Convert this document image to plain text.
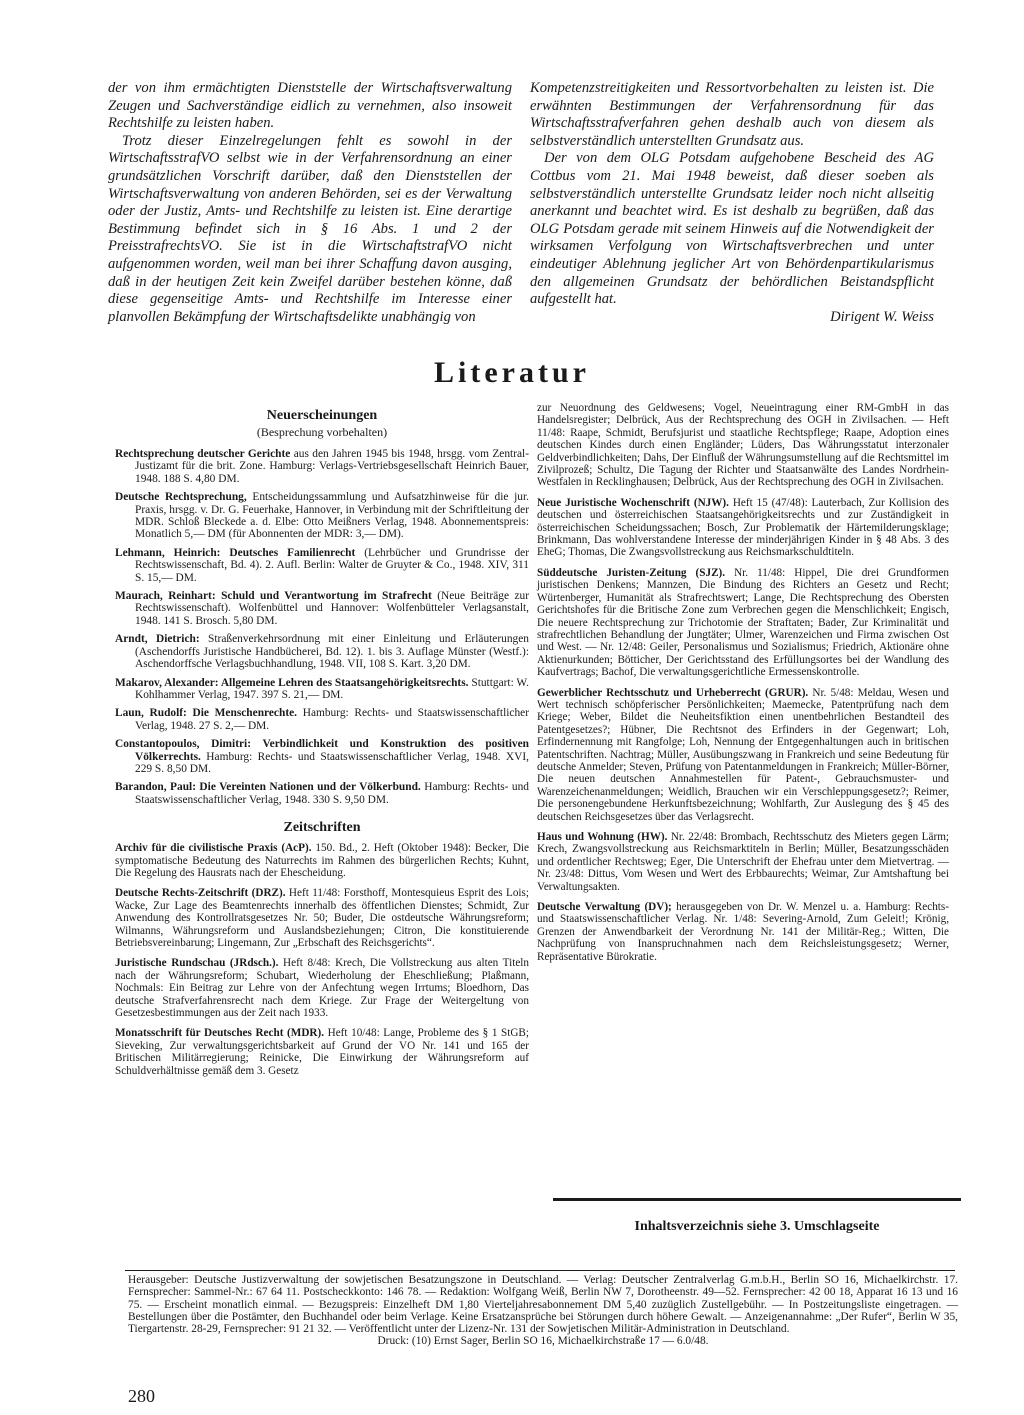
der von ihm ermächtigten Dienststelle der Wirtschaftsverwaltung Zeugen und Sachverständige eidlich zu vernehmen, also insoweit Rechtshilfe zu leisten haben.

Trotz dieser Einzelregelungen fehlt es sowohl in der WirtschaftsstrafVO selbst wie in der Verfahrensordnung an einer grundsätzlichen Vorschrift darüber, daß den Dienststellen der Wirtschaftsverwaltung von anderen Behörden, sei es der Verwaltung oder der Justiz, Amts- und Rechtshilfe zu leisten ist. Eine derartige Bestimmung befindet sich in § 16 Abs. 1 und 2 der PreisstrafrechtsVO. Sie ist in die WirtschaftstrafVO nicht aufgenommen worden, weil man bei ihrer Schaffung davon ausging, daß in der heutigen Zeit kein Zweifel darüber bestehen könne, daß diese gegenseitige Amts- und Rechtshilfe im Interesse einer planvollen Bekämpfung der Wirtschaftsdelikte unabhängig von

Kompetenzstreitigkeiten und Ressortvorbehalten zu leisten ist. Die erwähnten Bestimmungen der Verfahrensordnung für das Wirtschaftsstrafverfahren gehen deshalb auch von diesem als selbstverständlich unterstellten Grundsatz aus.

Der von dem OLG Potsdam aufgehobene Bescheid des AG Cottbus vom 21. Mai 1948 beweist, daß dieser soeben als selbstverständlich unterstellte Grundsatz leider noch nicht allseitig anerkannt und beachtet wird. Es ist deshalb zu begrüßen, daß das OLG Potsdam gerade mit seinem Hinweis auf die Notwendigkeit der wirksamen Verfolgung von Wirtschaftsverbrechen und unter eindeutiger Ablehnung jeglicher Art von Behördenpartikularismus den allgemeinen Grundsatz der behördlichen Beistandspflicht aufgestellt hat.

Dirigent W. Weiss

Literatur

Neuerscheinungen

(Besprechung vorbehalten)

Rechtsprechung deutscher Gerichte aus den Jahren 1945 bis 1948, hrsgg. vom Zentral-Justizamt für die brit. Zone. Hamburg: Verlags-Vertriebsgesellschaft Heinrich Bauer, 1948. 188 S. 4,80 DM.

Deutsche Rechtsprechung, Entscheidungssammlung und Aufsatzhinweise für die jur. Praxis, hrsgg. v. Dr. G. Feuerhake, Hannover, in Verbindung mit der Schriftleitung der MDR. Schloß Bleckede a. d. Elbe: Otto Meißners Verlag, 1948. Abonnementspreis: Monatlich 5,— DM (für Abonnenten der MDR: 3,— DM).

Lehmann, Heinrich: Deutsches Familienrecht (Lehrbücher und Grundrisse der Rechtswissenschaft, Bd. 4). 2. Aufl. Berlin: Walter de Gruyter & Co., 1948. XIV, 311 S. 15,— DM.

Maurach, Reinhart: Schuld und Verantwortung im Strafrecht (Neue Beiträge zur Rechtswissenschaft). Wolfenbüttel und Hannover: Wolfenbütteler Verlagsanstalt, 1948. 141 S. Brosch. 5,80 DM.

Arndt, Dietrich: Straßenverkehrsordnung mit einer Einleitung und Erläuterungen (Aschendorffs Juristische Handbücherei, Bd. 12). 1. bis 3. Auflage Münster (Westf.): Aschendorffsche Verlagsbuchhandlung, 1948. VII, 108 S. Kart. 3,20 DM.

Makarov, Alexander: Allgemeine Lehren des Staatsangehörigkeitsrechts. Stuttgart: W. Kohlhammer Verlag, 1947. 397 S. 21,— DM.

Laun, Rudolf: Die Menschenrechte. Hamburg: Rechts- und Staatswissenschaftlicher Verlag, 1948. 27 S. 2,— DM.

Constantopoulos, Dimitri: Verbindlichkeit und Konstruktion des positiven Völkerrechts. Hamburg: Rechts- und Staatswissenschaftlicher Verlag, 1948. XVI, 229 S. 8,50 DM.

Barandon, Paul: Die Vereinten Nationen und der Völkerbund. Hamburg: Rechts- und Staatswissenschaftlicher Verlag, 1948. 330 S. 9,50 DM.

Zeitschriften

Archiv für die civilistische Praxis (AcP). 150. Bd., 2. Heft (Oktober 1948): Becker, Die symptomatische Bedeutung des Naturrechts im Rahmen des bürgerlichen Rechts; Kuhnt, Die Regelung des Hausrats nach der Ehescheidung.

Deutsche Rechts-Zeitschrift (DRZ). Heft 11/48: Forsthoff, Montesquieus Esprit des Lois; Wacke, Zur Lage des Beamtenrechts innerhalb des öffentlichen Dienstes; Schmidt, Zur Anwendung des Kontrollratsgesetzes Nr. 50; Buder, Die ostdeutsche Währungsreform; Wilmanns, Währungsreform und Auslandsbeziehungen; Citron, Die konstituierende Betriebsvereinbarung; Lingemann, Zur „Erbschaft des Reichsgerichts“.

Juristische Rundschau (JRdsch.). Heft 8/48: Krech, Die Vollstreckung aus alten Titeln nach der Währungsreform; Schubart, Wiederholung der Eheschließung; Plaßmann, Nochmals: Ein Beitrag zur Lehre von der Anfechtung wegen Irrtums; Bloedhorn, Das deutsche Strafverfahrensrecht nach dem Kriege. Zur Frage der Weitergeltung von Gesetzesbestimmungen aus der Zeit nach 1933.

Monatsschrift für Deutsches Recht (MDR). Heft 10/48: Lange, Probleme des § 1 StGB; Sieveking, Zur verwaltungsgerichtsbarkeit auf Grund der VO Nr. 141 und 165 der Britischen Militärregierung; Reinicke, Die Einwirkung der Währungsreform auf Schuldverhältnisse gemäß dem 3. Gesetz

zur Neuordnung des Geldwesens; Vogel, Neueintragung einer RM-GmbH in das Handelsregister; Delbrück, Aus der Rechtsprechung des OGH in Zivilsachen. — Heft 11/48: Raape, Schmidt, Berufsjurist und staatliche Rechtspflege; Raape, Adoption eines deutschen Kindes durch einen Engländer; Lüders, Das Währungsstatut interzonaler Geldverbindlichkeiten; Dahs, Der Einfluß der Währungsumstellung auf die Rechtsmittel im Zivilprozeß; Schultz, Die Tagung der Richter und Staatsanwälte des Landes Nordrhein-Westfalen in Recklinghausen; Delbrück, Aus der Rechtsprechung des OGH in Zivilsachen.

Neue Juristische Wochenschrift (NJW). Heft 15 (47/48): Lauterbach, Zur Kollision des deutschen und österreichischen Staatsangehörigkeitsrechts und zur Zuständigkeit in österreichischen Scheidungssachen; Bosch, Zur Problematik der Härtemilderungsklage; Brinkmann, Das wohlverstandene Interesse der minderjährigen Kinder in § 48 Abs. 3 des EheG; Thomas, Die Zwangsvollstreckung aus Reichsmarkschuldtiteln.

Süddeutsche Juristen-Zeitung (SJZ). Nr. 11/48: Hippel, Die drei Grundformen juristischen Denkens; Mannzen, Die Bindung des Richters an Gesetz und Recht; Würtenberger, Humanität als Strafrechtswert; Lange, Die Rechtsprechung des Obersten Gerichtshofes für die Britische Zone zum Verbrechen gegen die Menschlichkeit; Engisch, Die neuere Rechtsprechung zur Trichotomie der Straftaten; Bader, Zur Kriminalität und strafrechtlichen Behandlung der Jungtäter; Ulmer, Warenzeichen und Firma zwischen Ost und West. — Nr. 12/48: Geiler, Personalismus und Sozialismus; Friedrich, Aktionäre ohne Aktienurkunden; Bötticher, Der Gerichtsstand des Erfüllungsortes bei der Wandlung des Kaufvertrags; Bachof, Die verwaltungsgerichtliche Ermessenskontrolle.

Gewerblicher Rechtsschutz und Urheberrecht (GRUR). Nr. 5/48: Meldau, Wesen und Wert technisch schöpferischer Persönlichkeiten; Maemecke, Patentprüfung nach dem Kriege; Weber, Bildet die Neuheitsfiktion einen unentbehrlichen Bestandteil des Patentgesetzes?; Hübner, Die Rechtsnot des Erfinders in der Gegenwart; Loh, Erfindernennung mit Rangfolge; Loh, Nennung der Entgegenhaltungen auch in britischen Patentschriften. Nachtrag; Müller, Ausübungszwang in Frankreich und seine Bedeutung für deutsche Anmelder; Steven, Prüfung von Patentanmeldungen in Frankreich; Müller-Börner, Die neuen deutschen Annahmestellen für Patent-, Gebrauchsmuster- und Warenzeichenanmeldungen; Weidlich, Brauchen wir ein Verschleppungsgesetz?; Reimer, Die personengebundene Herkunftsbezeichnung; Wohlfarth, Zur Auslegung des § 45 des deutschen Reichsgesetzes über das Verlagsrecht.

Haus und Wohnung (HW). Nr. 22/48: Brombach, Rechtsschutz des Mieters gegen Lärm; Krech, Zwangsvollstreckung aus Reichsmarktiteln in Berlin; Müller, Besatzungsschäden und ordentlicher Rechtsweg; Eger, Die Unterschrift der Ehefrau unter dem Mietvertrag. — Nr. 23/48: Dittus, Vom Wesen und Wert des Erbbaurechts; Weimar, Zur Amtshaftung bei Verwaltungsakten.

Deutsche Verwaltung (DV); herausgegeben von Dr. W. Menzel u. a. Hamburg: Rechts- und Staatswissenschaftlicher Verlag. Nr. 1/48: Severing-Arnold, Zum Geleit!; Krönig, Grenzen der Anwendbarkeit der Verordnung Nr. 141 der Militär-Reg.; Witten, Die Nachprüfung von Inanspruchnahmen nach dem Reichsleistungsgesetz; Werner, Repräsentative Bürokratie.

Inhaltsverzeichnis siehe 3. Umschlagseite

Herausgeber: Deutsche Justizverwaltung der sowjetischen Besatzungszone in Deutschland. — Verlag: Deutscher Zentralverlag G.m.b.H., Berlin SO 16, Michaelkirchstr. 17. Fernsprecher: Sammel-Nr.: 67 64 11. Postscheckkonto: 146 78. — Redaktion: Wolfgang Weiß, Berlin NW 7, Dorotheenstr. 49—52. Fernsprecher: 42 00 18, Apparat 16 13 und 16 75. — Erscheint monatlich einmal. — Bezugspreis: Einzelheft DM 1,80 Vierteljahresabonnement DM 5,40 zuzüglich Zustellgebühr. — In Postzeitungsliste eingetragen. — Bestellungen über die Postämter, den Buchhandel oder beim Verlage. Keine Ersatzansprüche bei Störungen durch höhere Gewalt. — Anzeigenannahme: „Der Rufer“, Berlin W 35, Tiergartenstr. 28-29, Fernsprecher: 91 21 32. — Veröffentlicht unter der Lizenz-Nr. 131 der Sowjetischen Militär-Administration in Deutschland.
Druck: (10) Ernst Sager, Berlin SO 16, Michaelkirchstraße 17 — 6.0/48.

280
